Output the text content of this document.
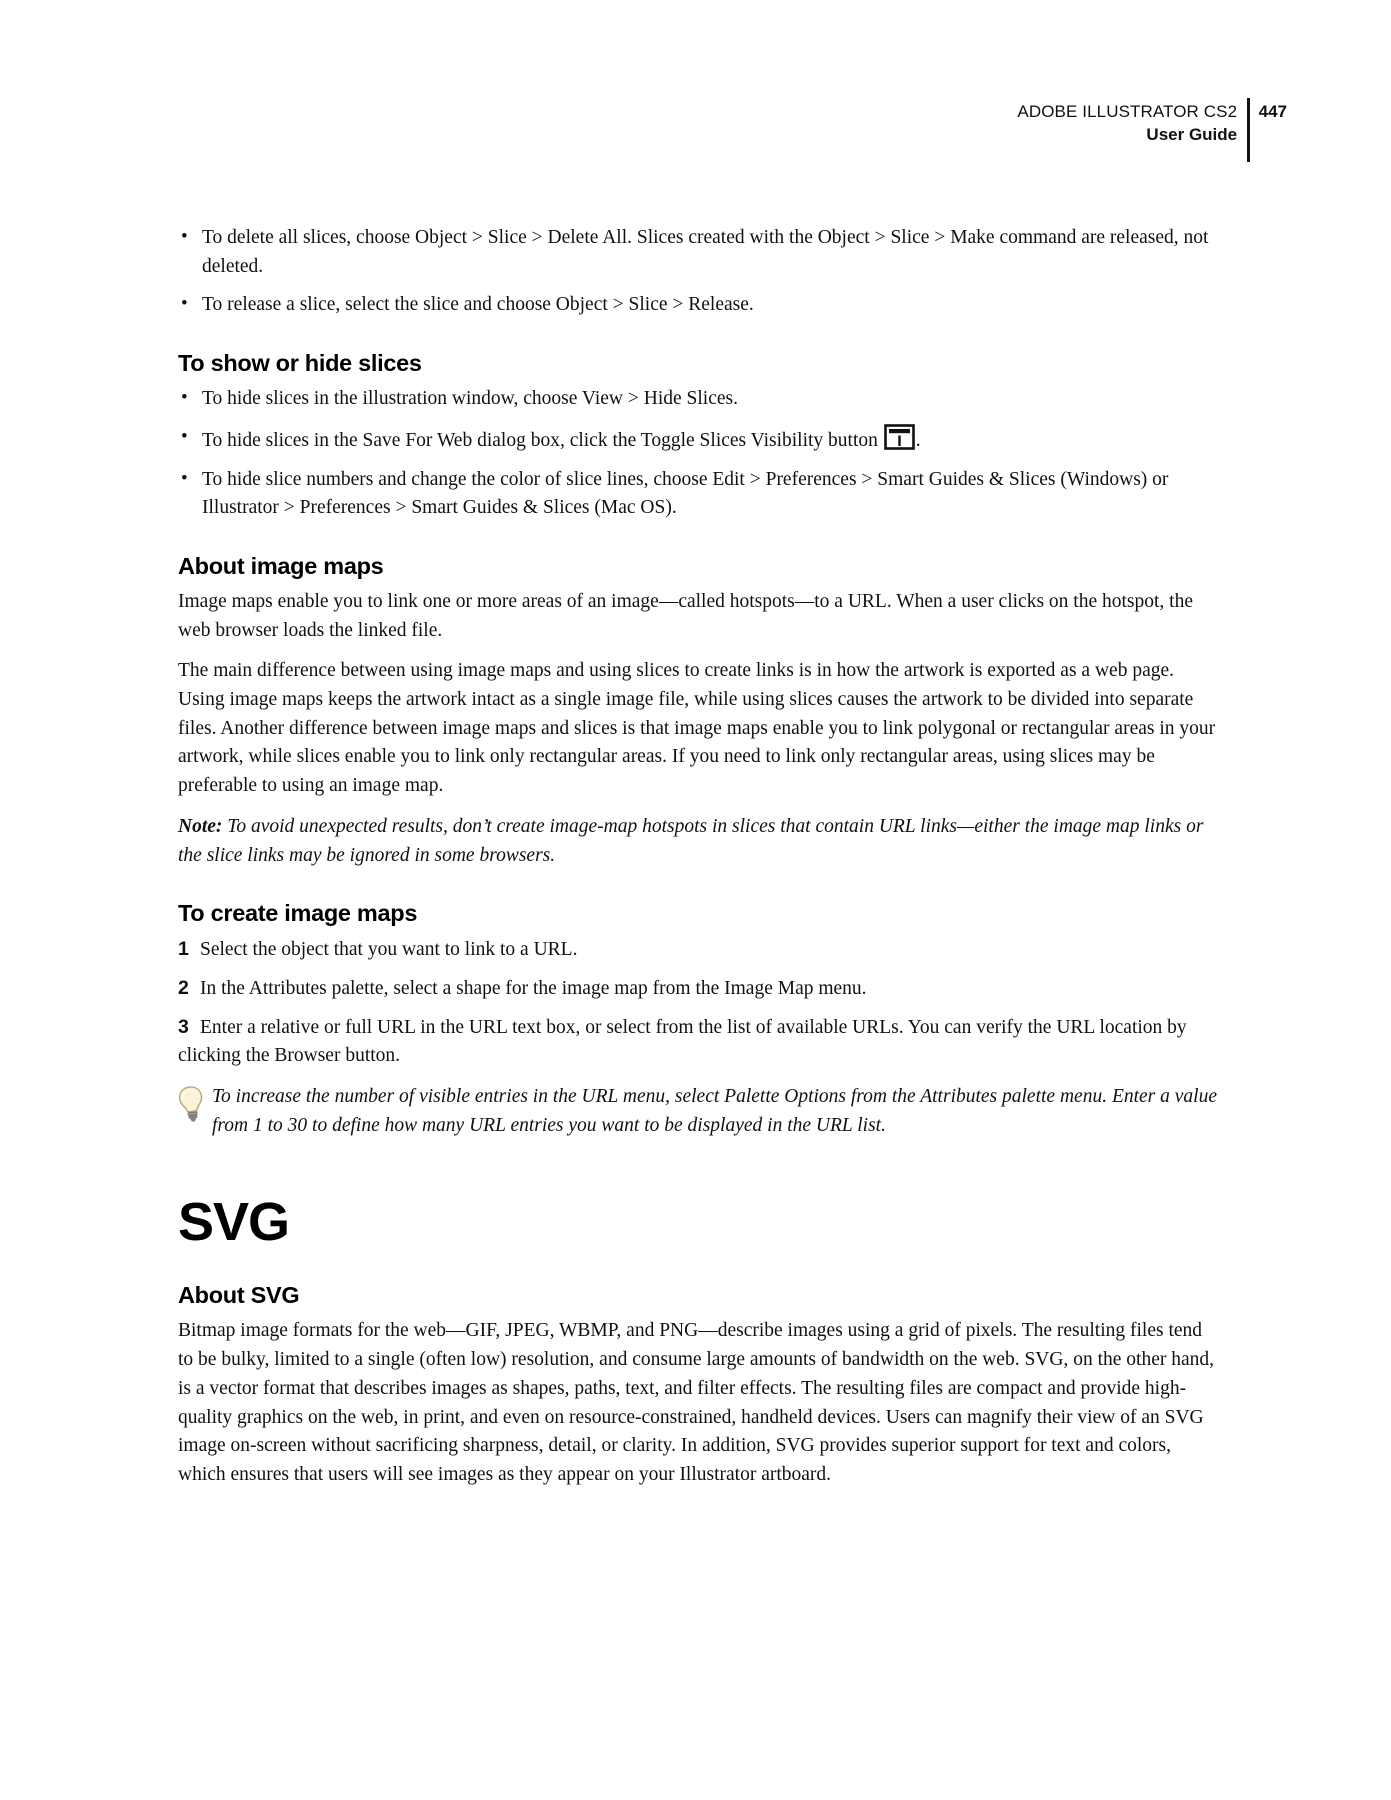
ADOBE ILLUSTRATOR CS2
User Guide
447
• To delete all slices, choose Object > Slice > Delete All. Slices created with the Object > Slice > Make command are released, not deleted.
• To release a slice, select the slice and choose Object > Slice > Release.
To show or hide slices
• To hide slices in the illustration window, choose View > Hide Slices.
• To hide slices in the Save For Web dialog box, click the Toggle Slices Visibility button .
• To hide slice numbers and change the color of slice lines, choose Edit > Preferences > Smart Guides & Slices (Windows) or Illustrator > Preferences > Smart Guides & Slices (Mac OS).
About image maps

Image maps enable you to link one or more areas of an image—called hotspots—to a URL. When a user clicks on the hotspot, the web browser loads the linked file.

The main difference between using image maps and using slices to create links is in how the artwork is exported as a web page. Using image maps keeps the artwork intact as a single image file, while using slices causes the artwork to be divided into separate files. Another difference between image maps and slices is that image maps enable you to link polygonal or rectangular areas in your artwork, while slices enable you to link only rectangular areas. If you need to link only rectangular areas, using slices may be preferable to using an image map.

Note: To avoid unexpected results, don’t create image-map hotspots in slices that contain URL links—either the image map links or the slice links may be ignored in some browsers.

To create image maps

1 Select the object that you want to link to a URL.

2 In the Attributes palette, select a shape for the image map from the Image Map menu.

3 Enter a relative or full URL in the URL text box, or select from the list of available URLs. You can verify the URL location by clicking the Browser button.

To increase the number of visible entries in the URL menu, select Palette Options from the Attributes palette menu. Enter a value from 1 to 30 to define how many URL entries you want to be displayed in the URL list.
SVG
About SVG

Bitmap image formats for the web—GIF, JPEG, WBMP, and PNG—describe images using a grid of pixels. The resulting files tend to be bulky, limited to a single (often low) resolution, and consume large amounts of bandwidth on the web. SVG, on the other hand, is a vector format that describes images as shapes, paths, text, and filter effects. The resulting files are compact and provide high-quality graphics on the web, in print, and even on resource-constrained, handheld devices. Users can magnify their view of an SVG image on-screen without sacrificing sharpness, detail, or clarity. In addition, SVG provides superior support for text and colors, which ensures that users will see images as they appear on your Illustrator artboard.
